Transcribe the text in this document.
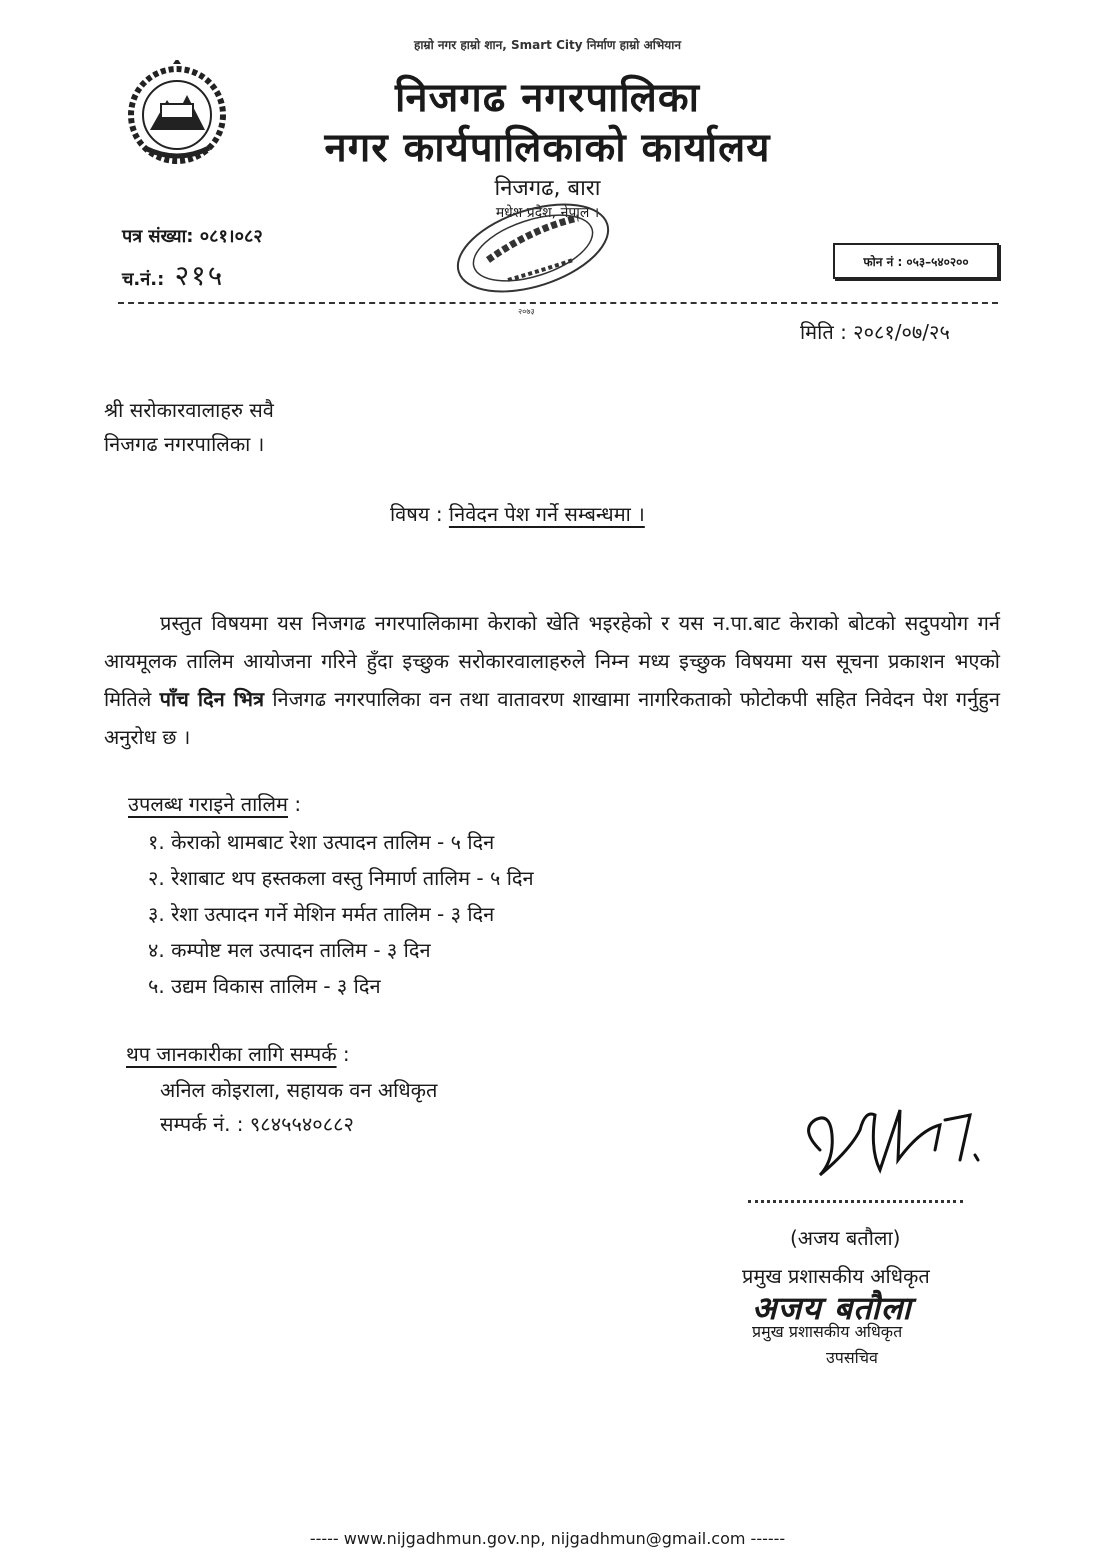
हाम्रो नगर हाम्रो शान, Smart City निर्माण हाम्रो अभियान
निजगढ नगरपालिका
नगर कार्यपालिकाको कार्यालय
निजगढ, बारा
मधेश प्रदेश, नेपाल ।
पत्र संख्या: ०८१।०८२
च.नं.: २१५
२०७३
फोन नं : ०५३–५४०२००
मिति : २०८१/०७/२५
श्री सरोकारवालाहरु सवै
निजगढ नगरपालिका ।
विषय : निवेदन पेश गर्ने सम्बन्धमा ।
प्रस्तुत विषयमा यस निजगढ नगरपालिकामा केराको खेति भइरहेको र यस न.पा.बाट केराको बोटको सदुपयोग गर्न आयमूलक तालिम आयोजना गरिने हुँदा इच्छुक सरोकारवालाहरुले निम्न मध्य इच्छुक विषयमा यस सूचना प्रकाशन भएको मितिले पाँच दिन भित्र निजगढ नगरपालिका वन तथा वातावरण शाखामा नागरिकताको फोटोकपी सहित निवेदन पेश गर्नुहुन अनुरोध छ ।
उपलब्ध गराइने तालिम :
१. केराको थामबाट रेशा उत्पादन तालिम - ५ दिन
२. रेशाबाट थप हस्तकला वस्तु निमार्ण तालिम - ५ दिन
३. रेशा उत्पादन गर्ने मेशिन मर्मत तालिम - ३ दिन
४. कम्पोष्ट मल उत्पादन तालिम - ३ दिन
५. उद्यम विकास तालिम - ३ दिन
थप जानकारीका लागि सम्पर्क :
अनिल कोइराला, सहायक वन अधिकृत
सम्पर्क नं. : ९८४५५४०८८२
(अजय बतौला)
प्रमुख प्रशासकीय अधिकृत
अजय बतौला
प्रमुख प्रशासकीय अधिकृत
उपसचिव
----- www.nijgadhmun.gov.np, nijgadhmun@gmail.com ------
